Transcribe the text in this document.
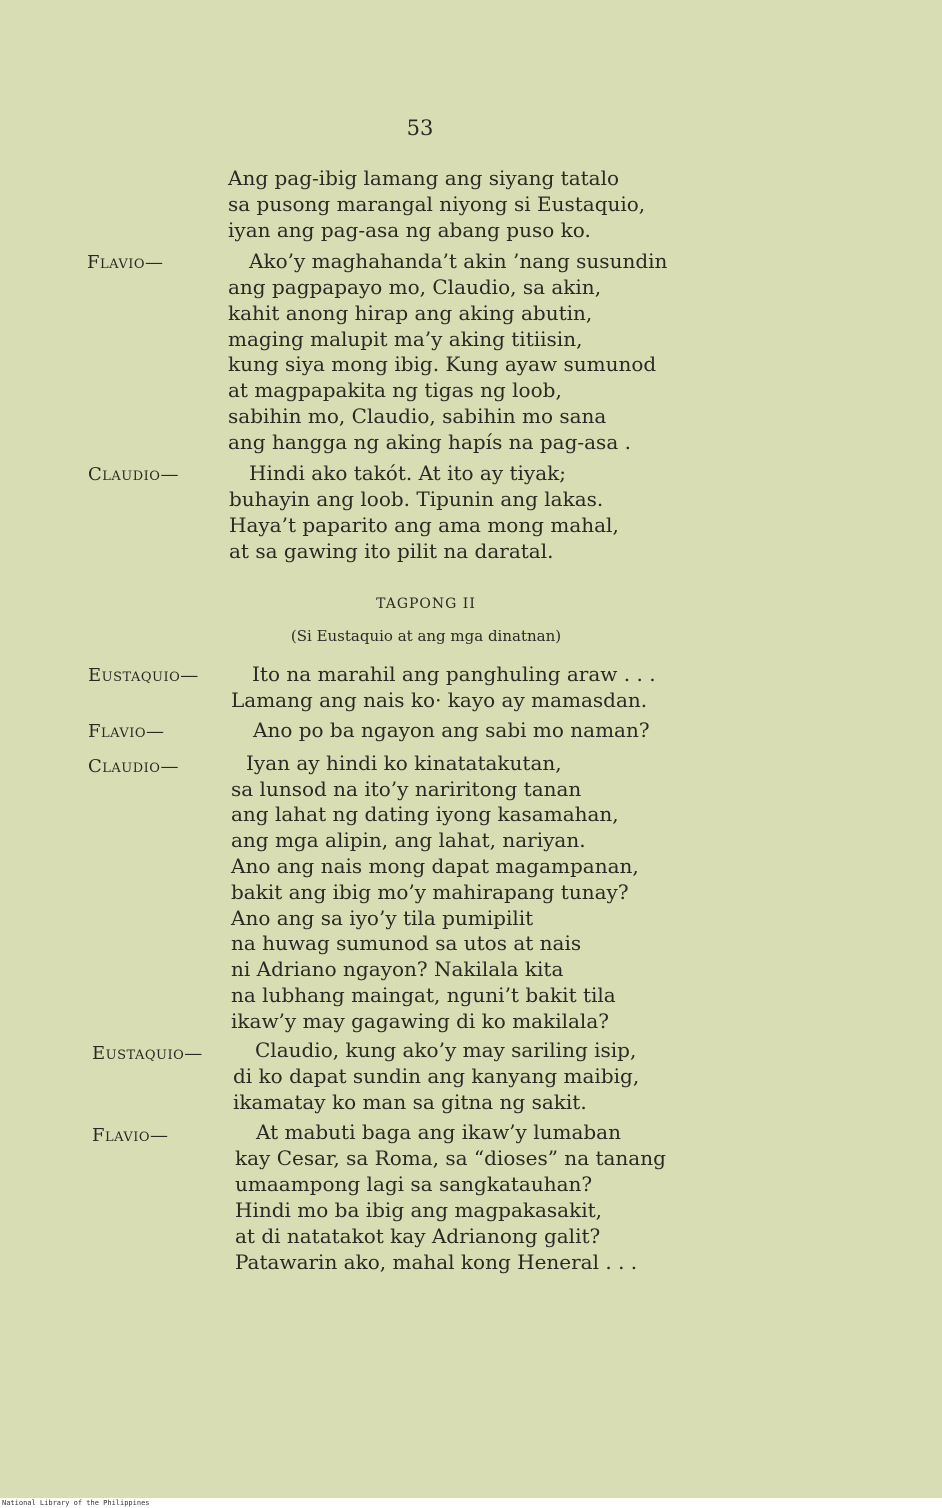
53
Ang pag-ibig lamang ang siyang tatalo
sa pusong marangal niyong si Eustaquio,
iyan ang pag-asa ng abang puso ko.
Flavio—	Ako’y maghahanda’t akin ’nang susundin
ang pagpapayo mo, Claudio, sa akin,
kahit anong hirap ang aking abutin,
maging malupit ma’y aking titiisin,
kung siya mong ibig. Kung ayaw sumunod
at magpapakita ng tigas ng loob,
sabihin mo, Claudio, sabihin mo sana
ang hangga ng aking hapís na pag-asa .
Claudio—	Hindi ako takót. At ito ay tiyak;
buhayin ang loob. Tipunin ang lakas.
Haya’t paparito ang ama mong mahal,
at sa gawing ito pilit na daratal.
TAGPONG II
(Si Eustaquio at ang mga dinatnan)
Eustaquio—	Ito na marahil ang panghuling araw . . .
Lamang ang nais ko· kayo ay mamasdan.
Flavio—	Ano po ba ngayon ang sabi mo naman?
Claudio—	Iyan ay hindi ko kinatatakutan,
sa lunsod na ito’y nariritong tanan
ang lahat ng dating iyong kasamahan,
ang mga alipin, ang lahat, nariyan.
Ano ang nais mong dapat magampanan,
bakit ang ibig mo’y mahirapang tunay?
Ano ang sa iyo’y tila pumipilit
na huwag sumunod sa utos at nais
ni Adriano ngayon? Nakilala kita
na lubhang maingat, nguni’t bakit tila
ikaw’y may gagawing di ko makilala?
Eustaquio—	Claudio, kung ako’y may sariling isip,
di ko dapat sundin ang kanyang maibig,
ikamatay ko man sa gitna ng sakit.
Flavio—	At mabuti baga ang ikaw’y lumaban
kay Cesar, sa Roma, sa “dioses” na tanang
umaampong lagi sa sangkatauhan?
Hindi mo ba ibig ang magpakasakit,
at di natatakot kay Adrianong galit?
Patawarin ako, mahal kong Heneral . . .
National Library of the Philippines
